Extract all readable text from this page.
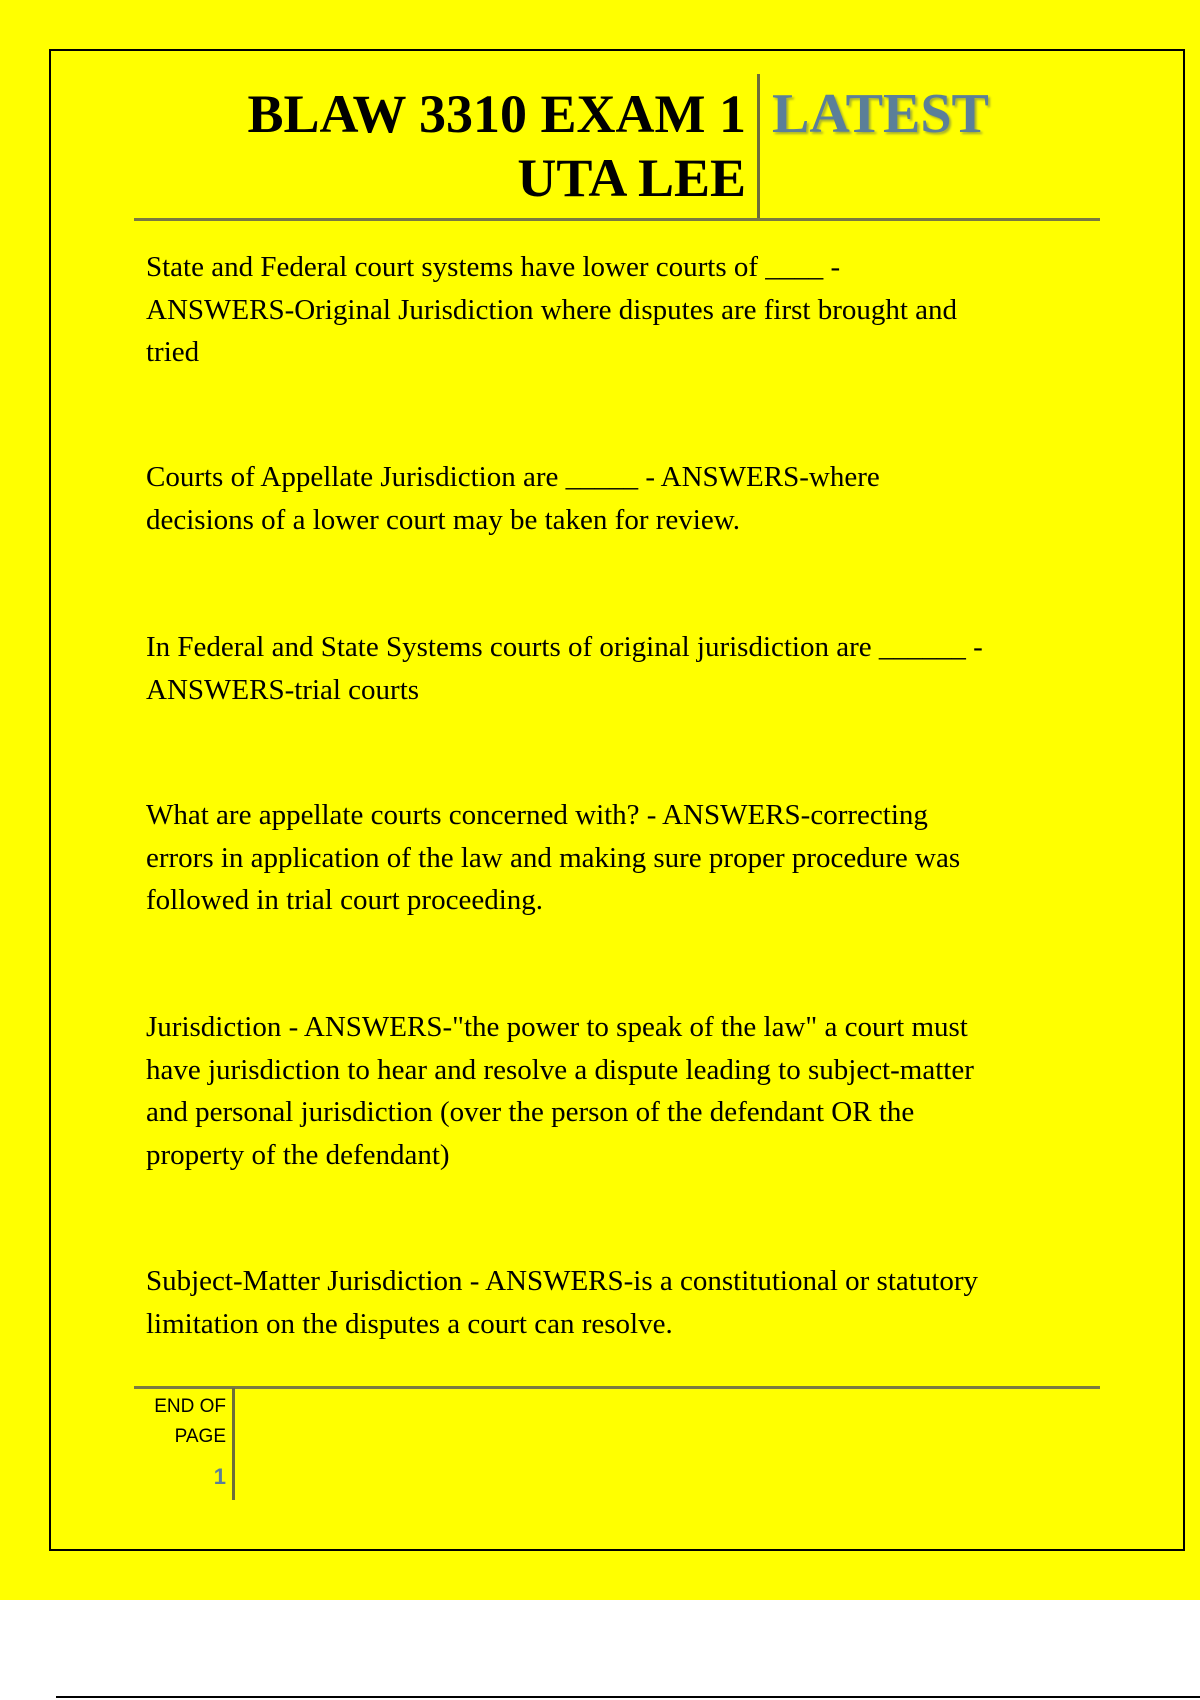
BLAW 3310 EXAM 1
UTA LEE
LATEST

State and Federal court systems have lower courts of ____ -
ANSWERS-Original Jurisdiction where disputes are first brought and
tried

Courts of Appellate Jurisdiction are _____ - ANSWERS-where
decisions of a lower court may be taken for review.

In Federal and State Systems courts of original jurisdiction are ______ -
ANSWERS-trial courts

What are appellate courts concerned with? - ANSWERS-correcting
errors in application of the law and making sure proper procedure was
followed in trial court proceeding.

Jurisdiction - ANSWERS-"the power to speak of the law" a court must
have jurisdiction to hear and resolve a dispute leading to subject-matter
and personal jurisdiction (over the person of the defendant OR the
property of the defendant)

Subject-Matter Jurisdiction - ANSWERS-is a constitutional or statutory
limitation on the disputes a court can resolve.

END OF
PAGE
1
